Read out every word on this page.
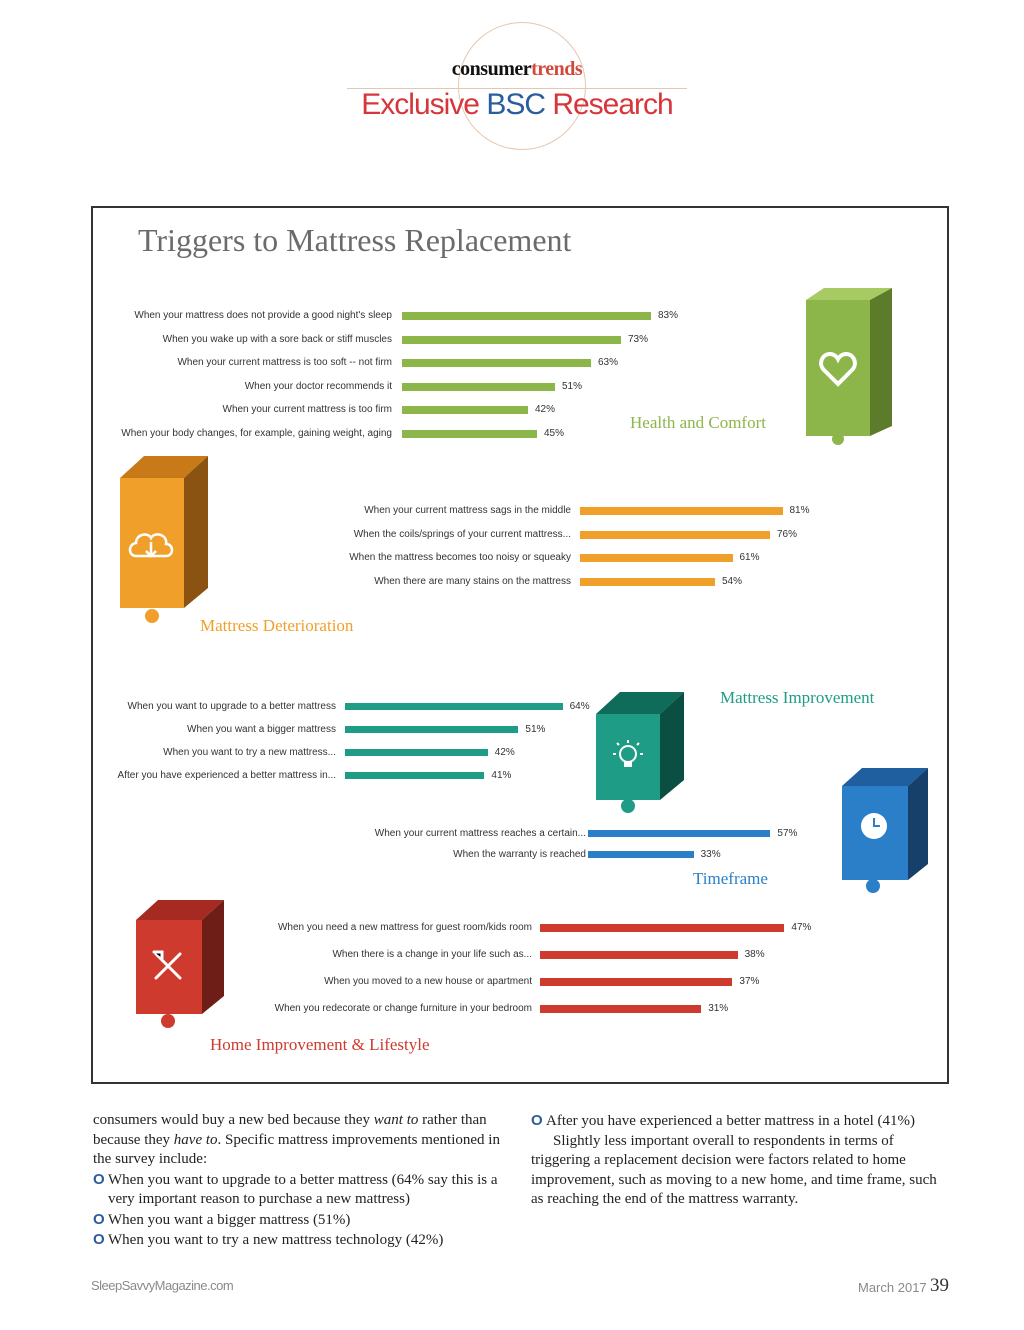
consumertrends
Exclusive BSC Research
Triggers to Mattress Replacement
When your mattress does not provide a good night's sleep	83%
When you wake up with a sore back or stiff muscles	73%
When your current mattress is too soft -- not firm	63%
When your doctor recommends it	51%
When your current mattress is too firm	42%
When your body changes, for example, gaining weight, aging	45%
Health and Comfort
When your current mattress sags in the middle	81%
When the coils/springs of your current mattress...	76%
When the mattress becomes too noisy or squeaky	61%
When there are many stains on the mattress	54%
Mattress Deterioration
When you want to upgrade to a better mattress	64%
When you want a bigger mattress	51%
When you want to try a new mattress...	42%
After you have experienced a better mattress in...	41%
Mattress Improvement
When your current mattress reaches a certain...	57%
When the warranty is reached	33%
Timeframe
When you need a new mattress for guest room/kids room	47%
When there is a change in your life such as...	38%
When you moved to a new house or apartment	37%
When you redecorate or change furniture in your bedroom	31%
Home Improvement & Lifestyle

consumers would buy a new bed because they want to rather than because they have to. Specific mattress improvements mentioned in the survey include:

O When you want to upgrade to a better mattress (64% say this is a very important reason to purchase a new mattress)

O When you want a bigger mattress (51%)

O When you want to try a new mattress technology (42%)

O After you have experienced a better mattress in a hotel (41%)

Slightly less important overall to respondents in terms of triggering a replacement decision were factors related to home improvement, such as moving to a new home, and time frame, such as reaching the end of the mattress warranty.

SleepSavvyMagazine.com	March 2017 39
